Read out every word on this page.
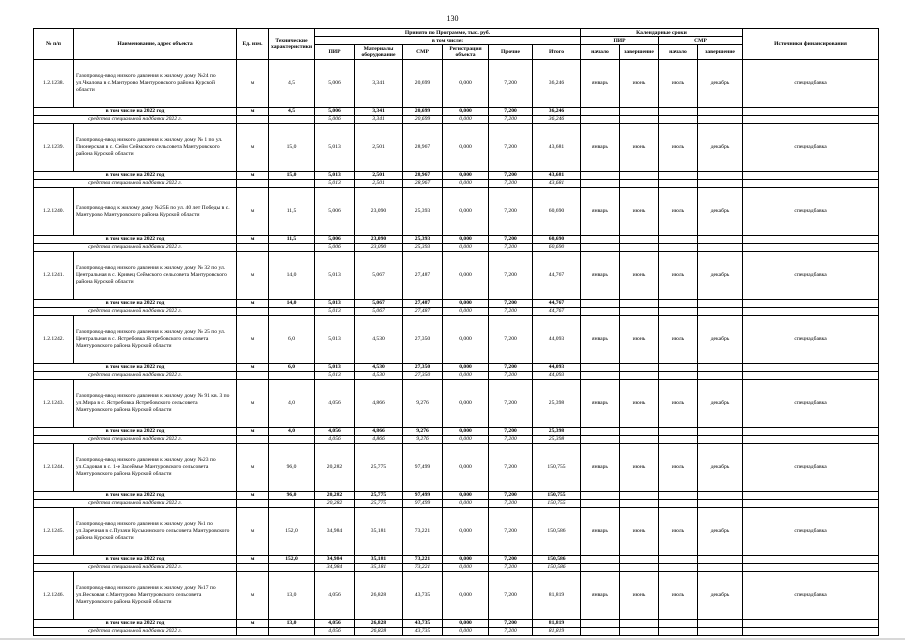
130
№ п/п	Наименование, адрес объекта	Ед. изм.	Технические характеристики	Принято по Программе, тыс. руб.						Календарные сроки				Источники финансирования
				в том числе:						ПИР		СМР		
				ПИР	Материалы оборудование	СМР	Регистрация объекта	Прочие	Итого	начало	завершение	начало	завершение	
1.2.1238.	Газопровод-ввод низкого давления к жилому дому №24 по ул.Чкалова в с.Мантурово Мантуровского района Курской области	м	4,5	5,006	3,341	20,699	0,000	7,200	36,246	январь	июнь	июль	декабрь	спецнадбавка
в том числе на 2022 год		м	4,5	5,006	3,341	20,699	0,000	7,200	36,246					
средства специальной надбавки 2022 г.				5,006	3,341	20,699	0,000	7,200	36,246					
1.2.1239.	Газопровод-ввод низкого давления к жилому дому № 1 по ул. Пионерская в с. Сейм Сеймского сельсовета Мантуровского района Курской области	м	15,0	5,013	2,501	28,967	0,000	7,200	43,681	январь	июнь	июль	декабрь	спецнадбавка
в том числе на 2022 год		м	15,0	5,013	2,501	28,967	0,000	7,200	43,681					
средства специальной надбавки 2022 г.				5,013	2,501	28,967	0,000	7,200	43,681					
1.2.1240.	Газопровод-ввод к жилому дому №25Б по ул. 40 лет Победы в с. Мантурово Мантуровского района Курской области	м	11,5	5,006	23,090	25,393	0,000	7,200	60,690	январь	июнь	июль	декабрь	спецнадбавка
в том числе на 2022 год		м	11,5	5,006	23,090	25,393	0,000	7,200	60,690					
средства специальной надбавки 2022 г.				5,006	23,090	25,393	0,000	7,200	60,690					
1.2.1241.	Газопровод-ввод низкого давления к жилому дому № 32 по ул. Центральная в с. Кривец Сеймского сельсовета Мантуровского района Курской области	м	14,0	5,013	5,067	27,487	0,000	7,200	44,767	январь	июнь	июль	декабрь	спецнадбавка
в том числе на 2022 год		м	14,0	5,013	5,067	27,487	0,000	7,200	44,767					
средства специальной надбавки 2022 г.				5,013	5,067	27,487	0,000	7,200	44,767					
1.2.1242.	Газопровод-ввод низкого давления к жилому дому № 25 по ул. Центральная в с. Ястребовка Ястребовского сельсовета Мантуровского района Курской области	м	6,0	5,013	4,530	27,350	0,000	7,200	44,093	январь	июнь	июль	декабрь	спецнадбавка
в том числе на 2022 год		м	6,0	5,013	4,530	27,350	0,000	7,200	44,093					
средства специальной надбавки 2022 г.				5,013	4,530	27,350	0,000	7,200	44,093					
1.2.1243.	Газопровод-ввод низкого давления к жилому дому № 91 кв. 3 по ул.Мира в с. Ястребовка Ястребовского сельсовета Мантуровского района Курской области	м	4,0	4,056	4,866	9,276	0,000	7,200	25,398	январь	июнь	июль	декабрь	спецнадбавка
в том числе на 2022 год		м	4,0	4,056	4,866	9,276	0,000	7,200	25,398					
средства специальной надбавки 2022 г.				4,056	4,866	9,276	0,000	7,200	25,398					
1.2.1244.	Газопровод-ввод низкого давления к жилому дому №23 по ул.Садовая в с. 1-е Засеймье Мантуровского сельсовета Мантуровского района Курской области	м	96,0	20,282	25,775	97,499	0,000	7,200	150,755	январь	июнь	июль	декабрь	спецнадбавка
в том числе на 2022 год		м	96,0	20,282	25,775	97,499	0,000	7,200	150,755					
средства специальной надбавки 2022 г.				20,282	25,775	97,499	0,000	7,200	150,755					
1.2.1245.	Газопровод-ввод низкого давления к жилому дому №1 по ул.Заречная в с.Пузачи Куськинского сельсовета Мантуровского района Курской области	м	152,0	34,984	35,181	73,221	0,000	7,200	150,586	январь	июнь	июль	декабрь	спецнадбавка
в том числе на 2022 год		м	152,0	34,984	35,181	73,221	0,000	7,200	150,586					
средства специальной надбавки 2022 г.				34,984	35,181	73,221	0,000	7,200	150,586					
1.2.1246.	Газопровод-ввод низкого давления к жилому дому №17 по ул.Весковая с.Мантурово Мантуровского сельсовета Мантуровского района Курской области	м	13,0	4,056	26,828	43,735	0,000	7,200	81,819	январь	июнь	июль	декабрь	спецнадбавка
в том числе на 2022 год		м	13,0	4,056	26,828	43,735	0,000	7,200	81,819					
средства специальной надбавки 2022 г.				4,056	26,828	43,735	0,000	7,200	81,819					
